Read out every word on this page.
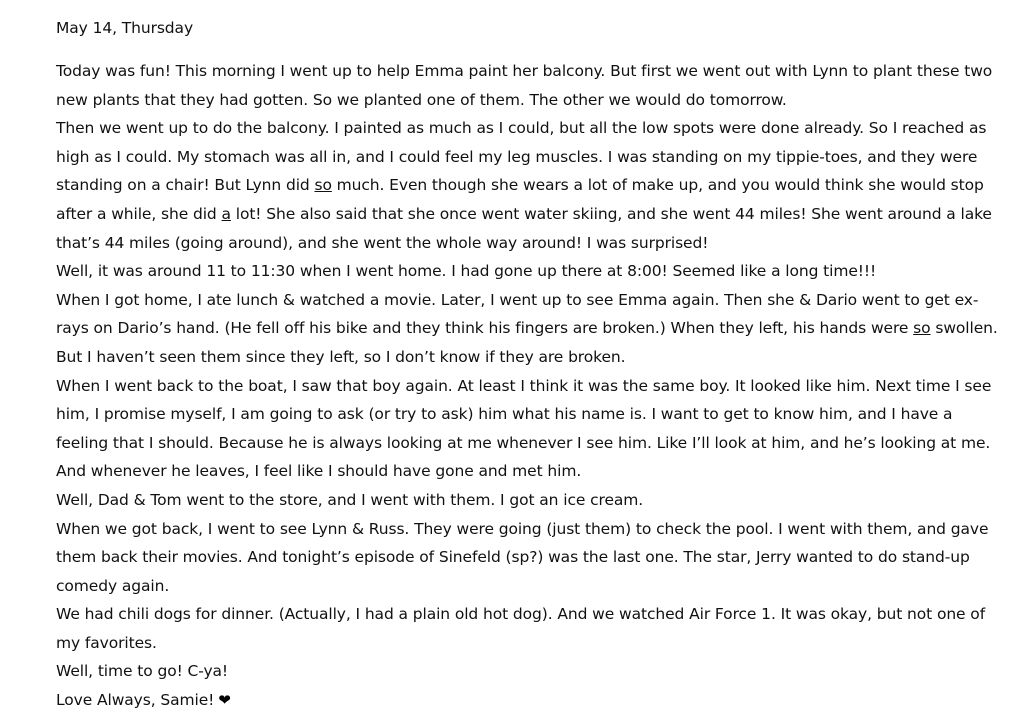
May 14, Thursday

Today was fun! This morning I went up to help Emma paint her balcony. But first we went out with Lynn to plant these two new plants that they had gotten. So we planted one of them. The other we would do tomorrow.

Then we went up to do the balcony. I painted as much as I could, but all the low spots were done already. So I reached as high as I could. My stomach was all in, and I could feel my leg muscles. I was standing on my tippie-toes, and they were standing on a chair! But Lynn did so much. Even though she wears a lot of make up, and you would think she would stop after a while, she did a lot! She also said that she once went water skiing, and she went 44 miles! She went around a lake that’s 44 miles (going around), and she went the whole way around! I was surprised!

Well, it was around 11 to 11:30 when I went home. I had gone up there at 8:00! Seemed like a long time!!!

When I got home, I ate lunch & watched a movie. Later, I went up to see Emma again. Then she & Dario went to get ex-rays on Dario’s hand. (He fell off his bike and they think his fingers are broken.) When they left, his hands were so swollen. But I haven’t seen them since they left, so I don’t know if they are broken.

When I went back to the boat, I saw that boy again. At least I think it was the same boy. It looked like him. Next time I see him, I promise myself, I am going to ask (or try to ask) him what his name is. I want to get to know him, and I have a feeling that I should. Because he is always looking at me whenever I see him. Like I’ll look at him, and he’s looking at me. And whenever he leaves, I feel like I should have gone and met him.

Well, Dad & Tom went to the store, and I went with them. I got an ice cream.

When we got back, I went to see Lynn & Russ. They were going (just them) to check the pool. I went with them, and gave them back their movies. And tonight’s episode of Sinefeld (sp?) was the last one. The star, Jerry wanted to do stand-up comedy again.

We had chili dogs for dinner. (Actually, I had a plain old hot dog). And we watched Air Force 1. It was okay, but not one of my favorites.

Well, time to go! C-ya!

Love Always, Samie! ❤
